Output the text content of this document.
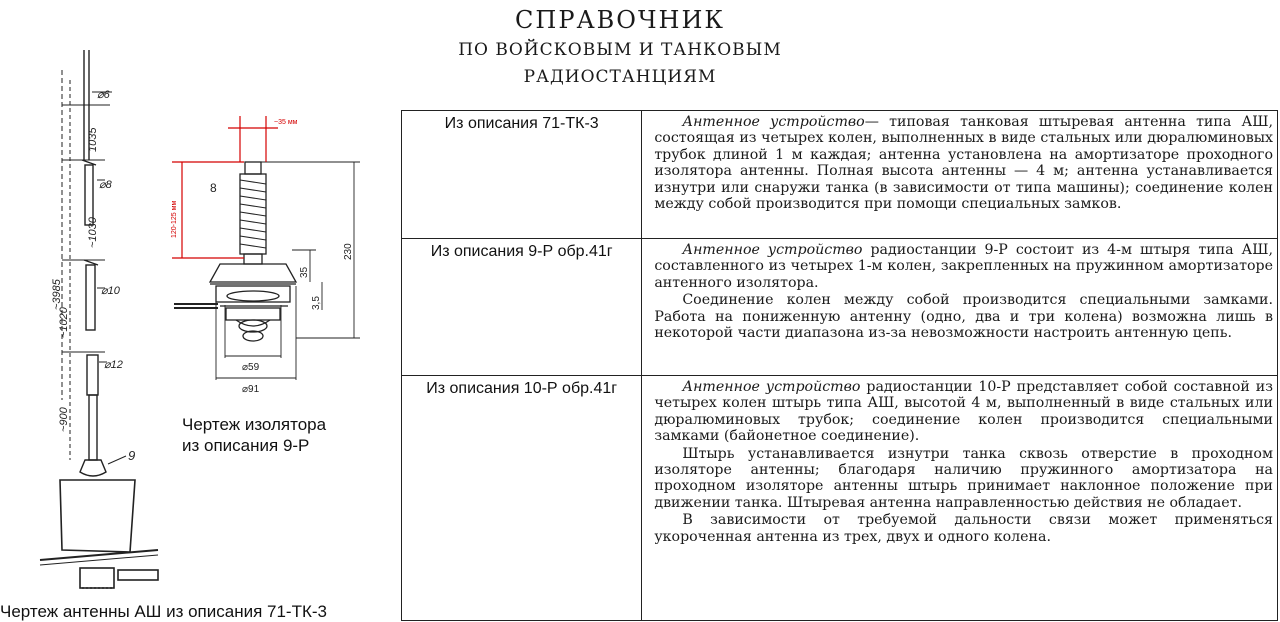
СПРАВОЧНИК
ПО ВОЙСКОВЫМ И ТАНКОВЫМ
РАДИОСТАНЦИЯМ
⌀6
⌀8
⌀10
⌀12
9
1035
~1030
~1020
~3985
~900
~35 мм
120-125 мм
8
230
35
3,5
⌀59
⌀91
Чертеж изолятора
из описания 9-Р
Чертеж антенны АШ из описания 71-ТК-3
Из описания 71-ТК-3	Антенное устройство— типовая танковая штыревая антенна типа АШ, состоящая из четырех колен, выполненных в виде стальных или дюралюминовых трубок длиной 1 м каждая; антенна установлена на амортизаторе проходного изолятора антенны. Полная высота антенны — 4 м; антенна устанавливается изнутри или снаружи танка (в зависимости от типа машины); соединение колен между собой производится при помощи специальных замков.

Из описания 9-Р обр.41г	Антенное устройство радиостанции 9-Р состоит из 4-м штыря типа АШ, составленного из четырех 1-м колен, закрепленных на пружинном амортизаторе антенного изолятора.

Соединение колен между собой производится специальными замками. Работа на пониженную антенну (одно, два и три колена) возможна лишь в некоторой части диапазона из-за невозможности настроить антенную цепь.

Из описания 10-Р обр.41г	Антенное устройство радиостанции 10-Р представляет собой составной из четырех колен штырь типа АШ, высотой 4 м, выполненный в виде стальных или дюралюминовых трубок; соединение колен производится специальными замками (байонетное соединение).

Штырь устанавливается изнутри танка сквозь отверстие в проходном изоляторе антенны; благодаря наличию пружинного амортизатора на проходном изоляторе антенны штырь принимает наклонное положение при движении танка. Штыревая антенна направленностью действия не обладает.

В зависимости от требуемой дальности связи может применяться укороченная антенна из трех, двух и одного колена.
